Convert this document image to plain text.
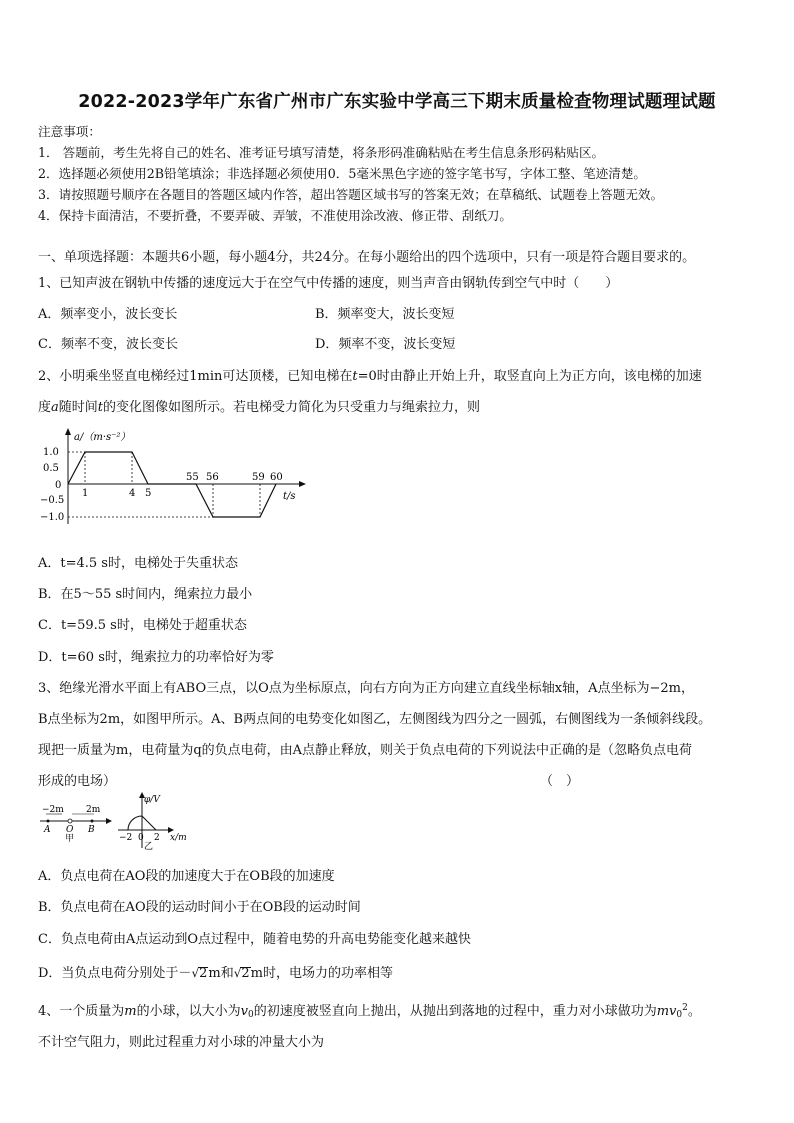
2022-2023学年广东省广州市广东实验中学高三下期末质量检查物理试题理试题
注意事项：
1． 答题前，考生先将自己的姓名、准考证号填写清楚，将条形码准确粘贴在考生信息条形码粘贴区。
2．选择题必须使用2B铅笔填涂；非选择题必须使用0．5毫米黑色字迹的签字笔书写，字体工整、笔迹清楚。
3．请按照题号顺序在各题目的答题区域内作答，超出答题区域书写的答案无效；在草稿纸、试题卷上答题无效。
4．保持卡面清洁，不要折叠，不要弄破、弄皱，不准使用涂改液、修正带、刮纸刀。
一、单项选择题：本题共6小题，每小题4分，共24分。在每小题给出的四个选项中，只有一项是符合题目要求的。
1、已知声波在钢轨中传播的速度远大于在空气中传播的速度，则当声音由钢轨传到空气中时（　　）
A．频率变小，波长变长	B．频率变大，波长变短
C．频率不变，波长变长	D．频率不变，波长变短
2、小明乘坐竖直电梯经过1min可达顶楼，已知电梯在t=0时由静止开始上升，取竖直向上为正方向，该电梯的加速
度a随时间t的变化图像如图所示。若电梯受力简化为只受重力与绳索拉力，则
a/（m·s⁻²）
1.0
0.5
0
−0.5
−1.0
1	4 5
55 56	59 60
t/s
A．t=4.5 s时，电梯处于失重状态
B．在5～55 s时间内，绳索拉力最小
C．t=59.5 s时，电梯处于超重状态
D．t=60 s时，绳索拉力的功率恰好为零
3、绝缘光滑水平面上有ABO三点，以O点为坐标原点，向右方向为正方向建立直线坐标轴x轴，A点坐标为−2m，
B点坐标为2m，如图甲所示。A、B两点间的电势变化如图乙，左侧图线为四分之一圆弧，右侧图线为一条倾斜线段。
现把一质量为m，电荷量为q的负点电荷，由A点静止释放，则关于负点电荷的下列说法中正确的是（忽略负点电荷
形成的电场）	（　）
−2m 2m
A O B
甲
φ/V
−2 0 2 x/m
乙
A．负点电荷在AO段的加速度大于在OB段的加速度
B．负点电荷在AO段的运动时间小于在OB段的运动时间
C．负点电荷由A点运动到O点过程中，随着电势的升高电势能变化越来越快
D．当负点电荷分别处于－√2m和√2m时，电场力的功率相等
4、一个质量为m的小球，以大小为$v_0$的初速度被竖直向上抛出，从抛出到落地的过程中，重力对小球做功为$mv_0^2$。
不计空气阻力，则此过程重力对小球的冲量大小为
